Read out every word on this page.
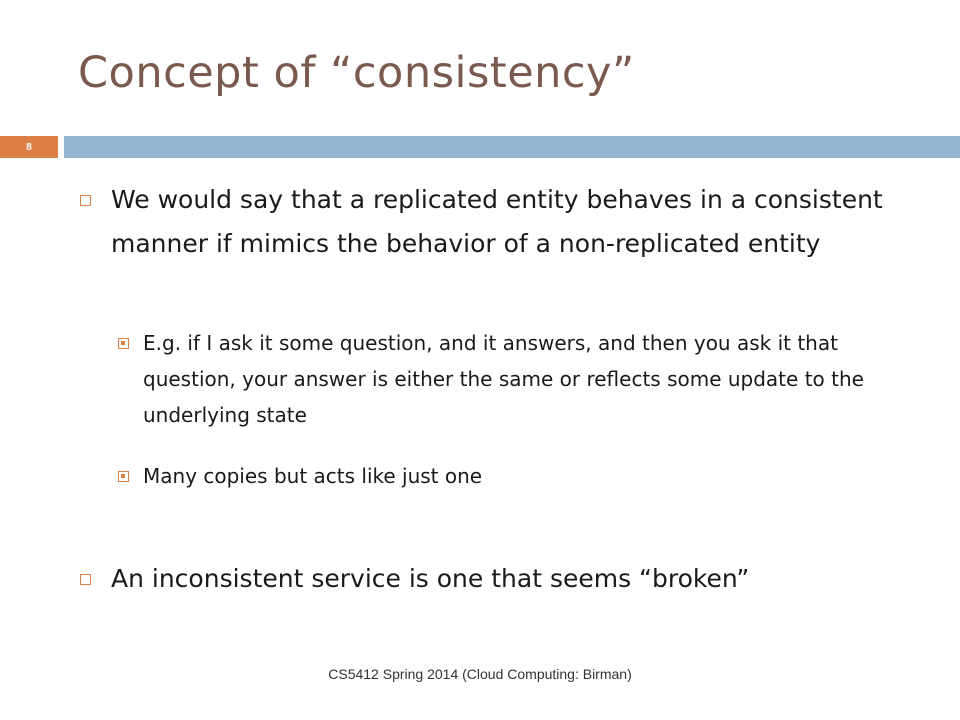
Concept of “consistency”
8
We would say that a replicated entity behaves in a consistent manner if mimics the behavior of a non-replicated entity
E.g. if I ask it some question, and it answers, and then you ask it that question, your answer is either the same or reflects some update to the underlying state
Many copies but acts like just one
An inconsistent service is one that seems “broken”
CS5412 Spring 2014 (Cloud Computing: Birman)
